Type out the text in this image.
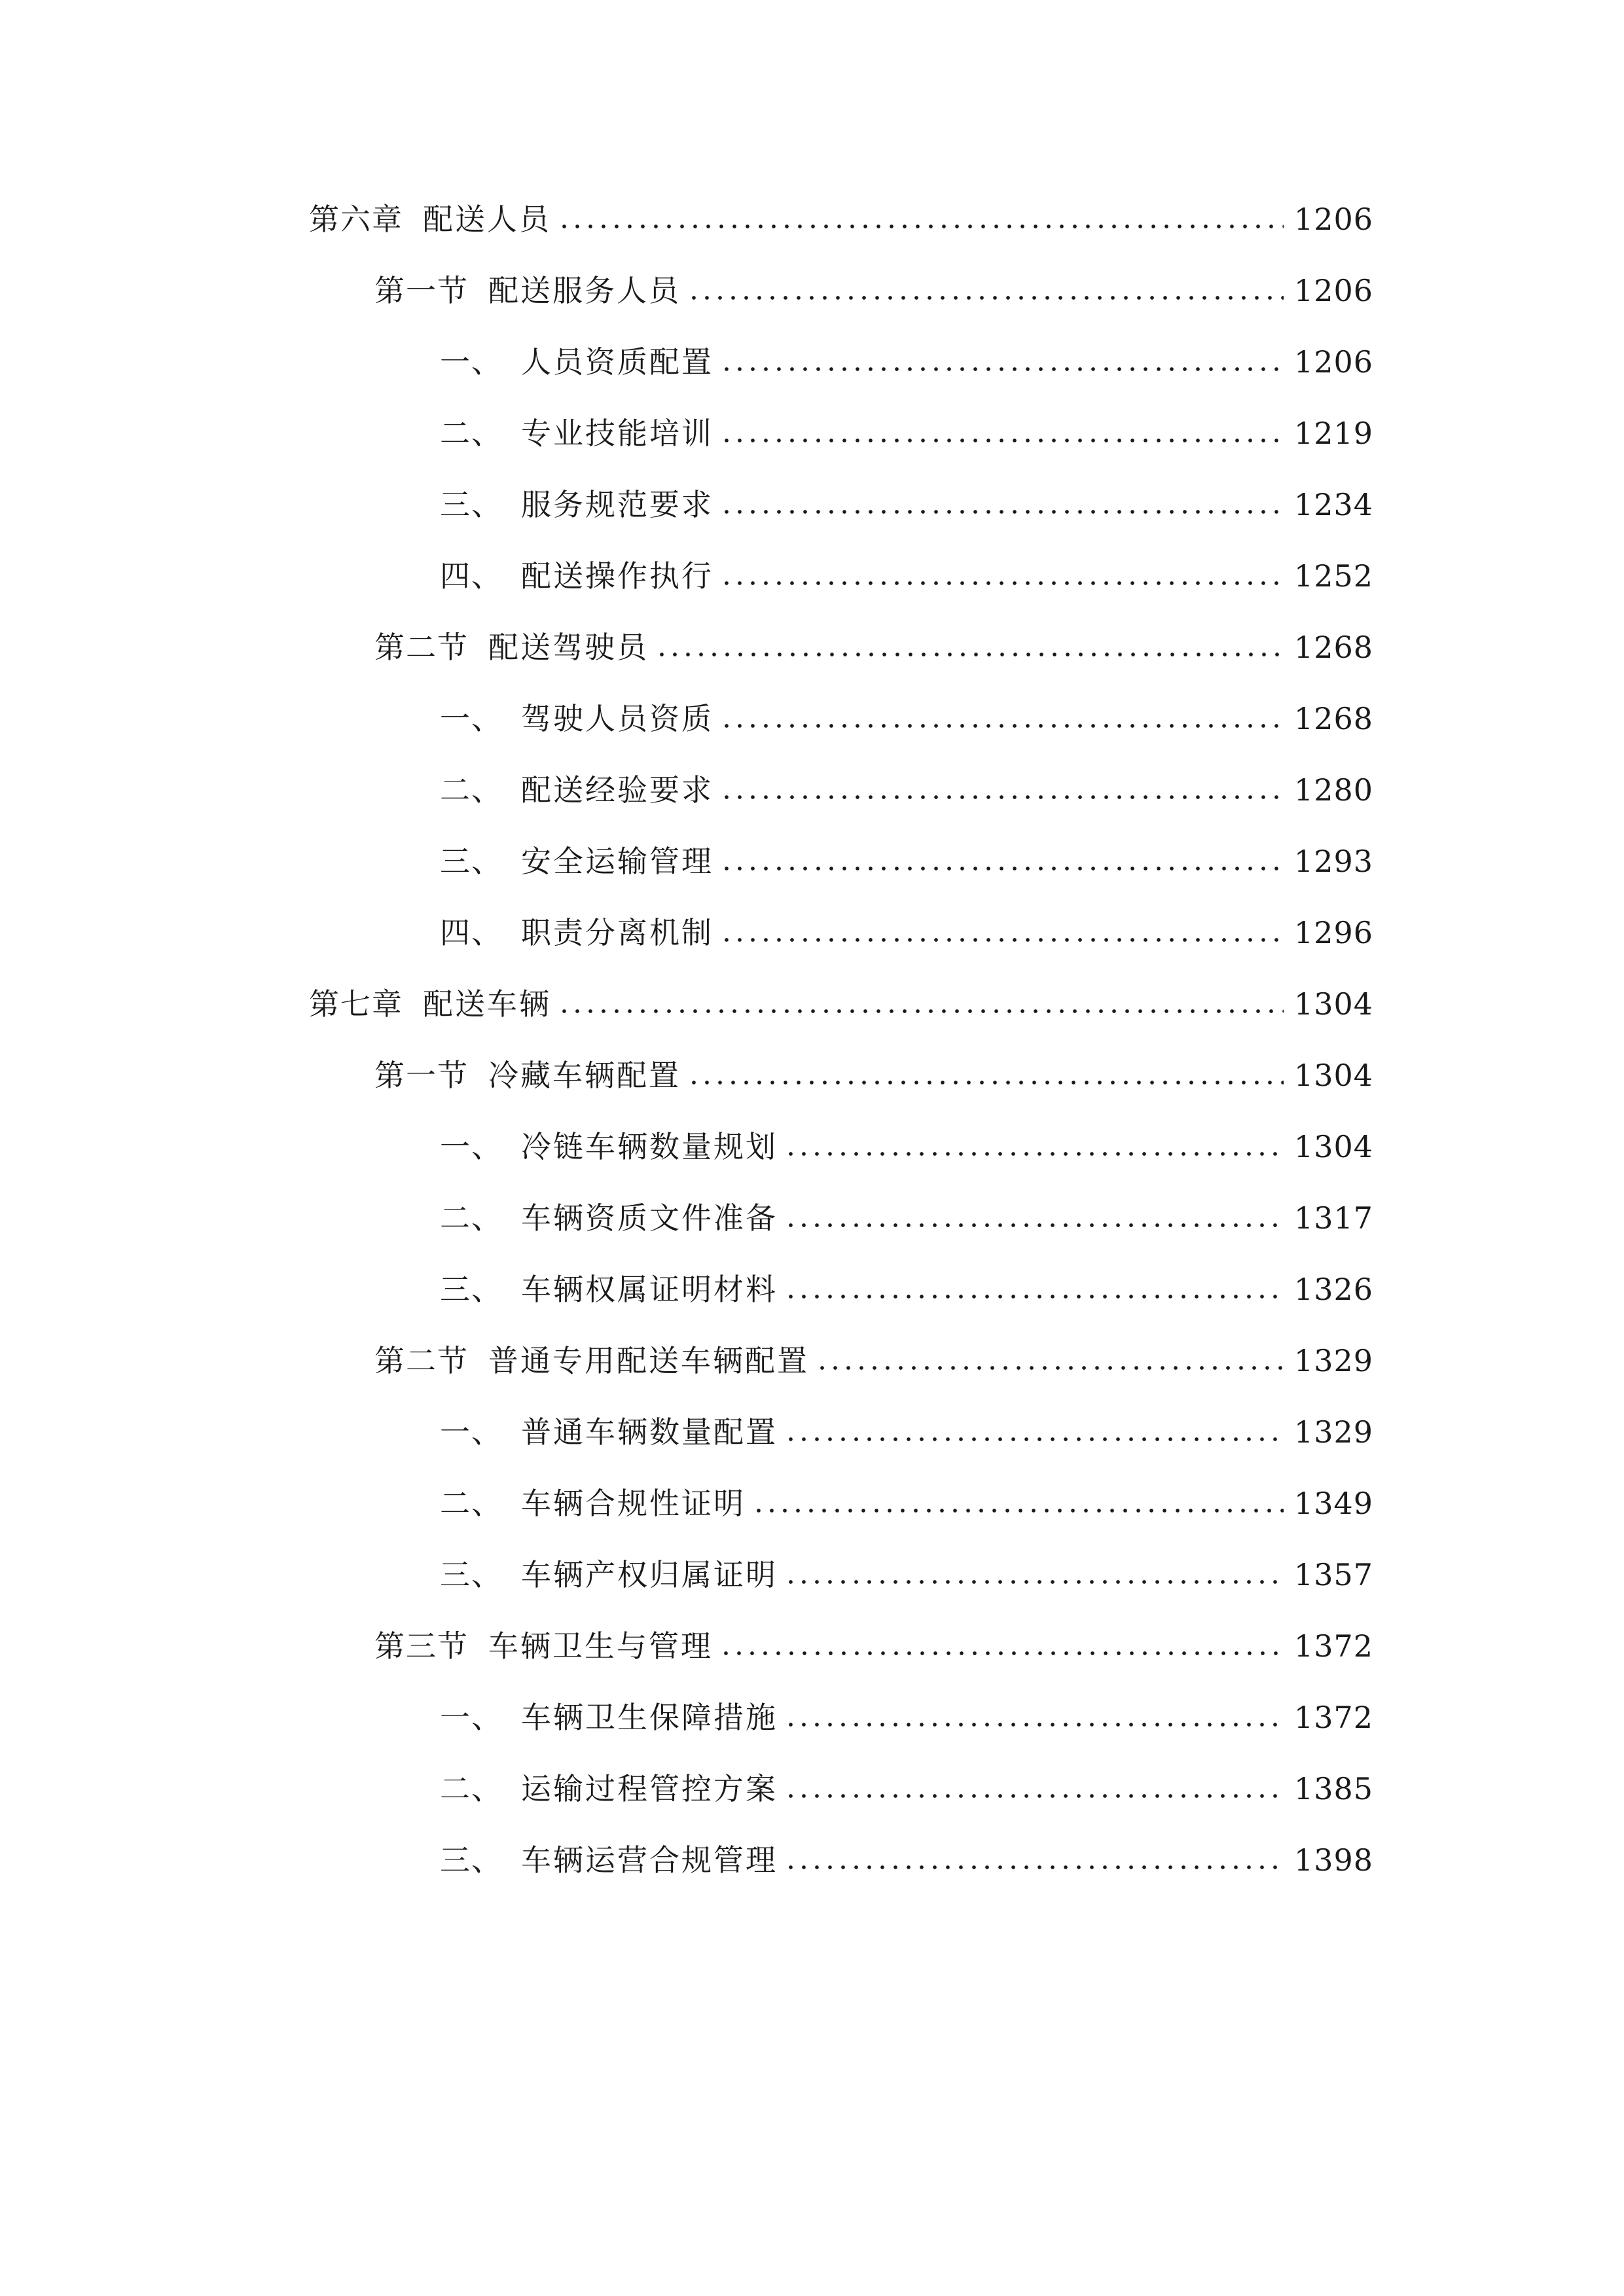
第六章 配送人员	1206
第一节 配送服务人员	1206
一、 人员资质配置	1206
二、 专业技能培训	1219
三、 服务规范要求	1234
四、 配送操作执行	1252
第二节 配送驾驶员	1268
一、 驾驶人员资质	1268
二、 配送经验要求	1280
三、 安全运输管理	1293
四、 职责分离机制	1296
第七章 配送车辆	1304
第一节 冷藏车辆配置	1304
一、 冷链车辆数量规划	1304
二、 车辆资质文件准备	1317
三、 车辆权属证明材料	1326
第二节 普通专用配送车辆配置	1329
一、 普通车辆数量配置	1329
二、 车辆合规性证明	1349
三、 车辆产权归属证明	1357
第三节 车辆卫生与管理	1372
一、 车辆卫生保障措施	1372
二、 运输过程管控方案	1385
三、 车辆运营合规管理	1398
